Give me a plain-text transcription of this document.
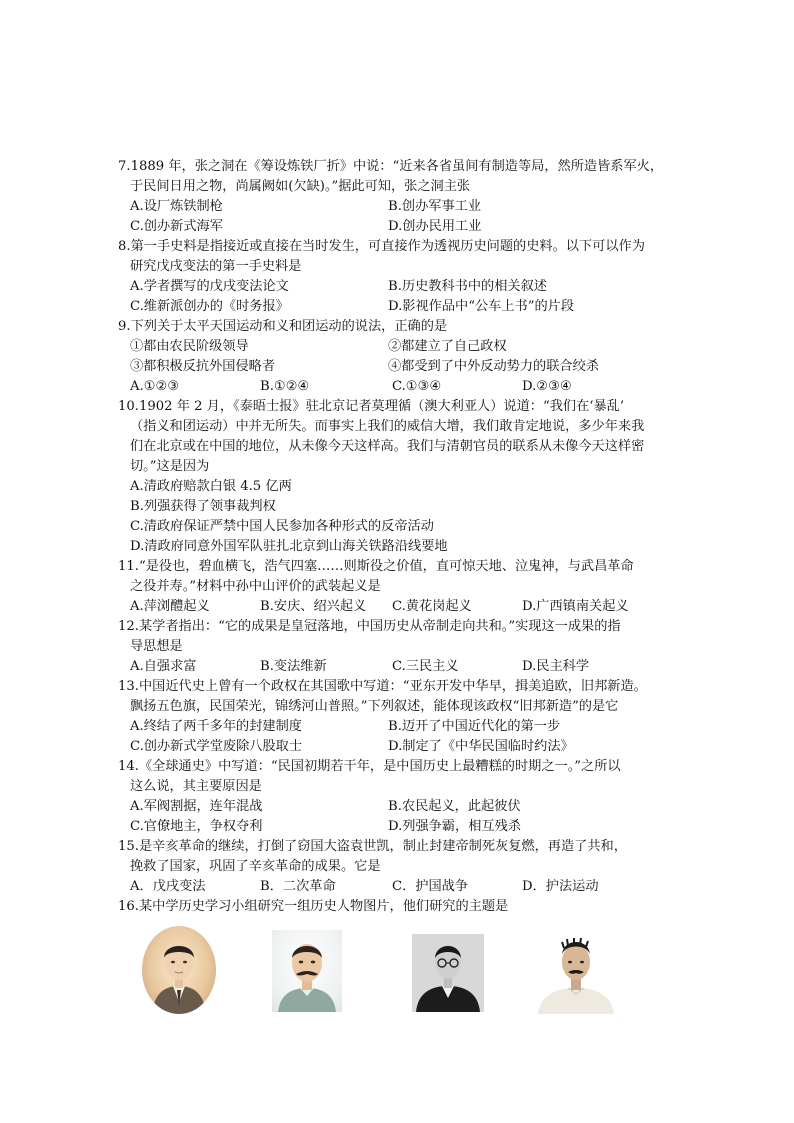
7.1889 年，张之洞在《筹设炼铁厂折》中说：“近来各省虽间有制造等局，然所造皆系军火，
于民间日用之物，尚属阙如(欠缺)。”据此可知，张之洞主张
A.设厂炼铁制枪	B.创办军事工业
C.创办新式海军	D.创办民用工业
8.第一手史料是指接近或直接在当时发生，可直接作为透视历史问题的史料。以下可以作为
研究戊戌变法的第一手史料是
A.学者撰写的戊戌变法论文	B.历史教科书中的相关叙述
C.维新派创办的《时务报》	D.影视作品中“公车上书”的片段
9.下列关于太平天国运动和义和团运动的说法，正确的是
①都由农民阶级领导	②都建立了自己政权
③都积极反抗外国侵略者	④都受到了中外反动势力的联合绞杀
A.①②③	B.①②④	C.①③④	D.②③④
10.1902 年 2 月，《泰晤士报》驻北京记者莫理循（澳大利亚人）说道：“我们在‘暴乱’
（指义和团运动）中并无所失。而事实上我们的威信大增，我们敢肯定地说，多少年来我
们在北京或在中国的地位，从未像今天这样高。我们与清朝官员的联系从未像今天这样密
切。”这是因为
A.清政府赔款白银 4.5 亿两
B.列强获得了领事裁判权
C.清政府保证严禁中国人民参加各种形式的反帝活动
D.清政府同意外国军队驻扎北京到山海关铁路沿线要地
11.“是役也，碧血横飞，浩气四塞……则斯役之价值，直可惊天地、泣鬼神，与武昌革命
之役并寿。”材料中孙中山评价的武装起义是
A.萍浏醴起义	B.安庆、绍兴起义	C.黄花岗起义	D.广西镇南关起义
12.某学者指出：“它的成果是皇冠落地，中国历史从帝制走向共和。”实现这一成果的指
导思想是
A.自强求富	B.变法维新	C.三民主义	D.民主科学
13.中国近代史上曾有一个政权在其国歌中写道：“亚东开发中华早，揖美追欧，旧邦新造。
飘扬五色旗，民国荣光，锦绣河山普照。”下列叙述，能体现该政权“旧邦新造”的是它
A.终结了两千多年的封建制度	B.迈开了中国近代化的第一步
C.创办新式学堂废除八股取士	D.制定了《中华民国临时约法》
14.《全球通史》中写道：“民国初期若干年，是中国历史上最糟糕的时期之一。”之所以
这么说，其主要原因是
A.军阀割据，连年混战	B.农民起义，此起彼伏
C.官僚地主，争权夺利	D.列强争霸，相互残杀
15.是辛亥革命的继续，打倒了窃国大盗袁世凯，制止封建帝制死灰复燃，再造了共和，
挽救了国家，巩固了辛亥革命的成果。它是
A．戊戌变法	B．二次革命	C．护国战争	D．护法运动
16.某中学历史学习小组研究一组历史人物图片，他们研究的主题是
